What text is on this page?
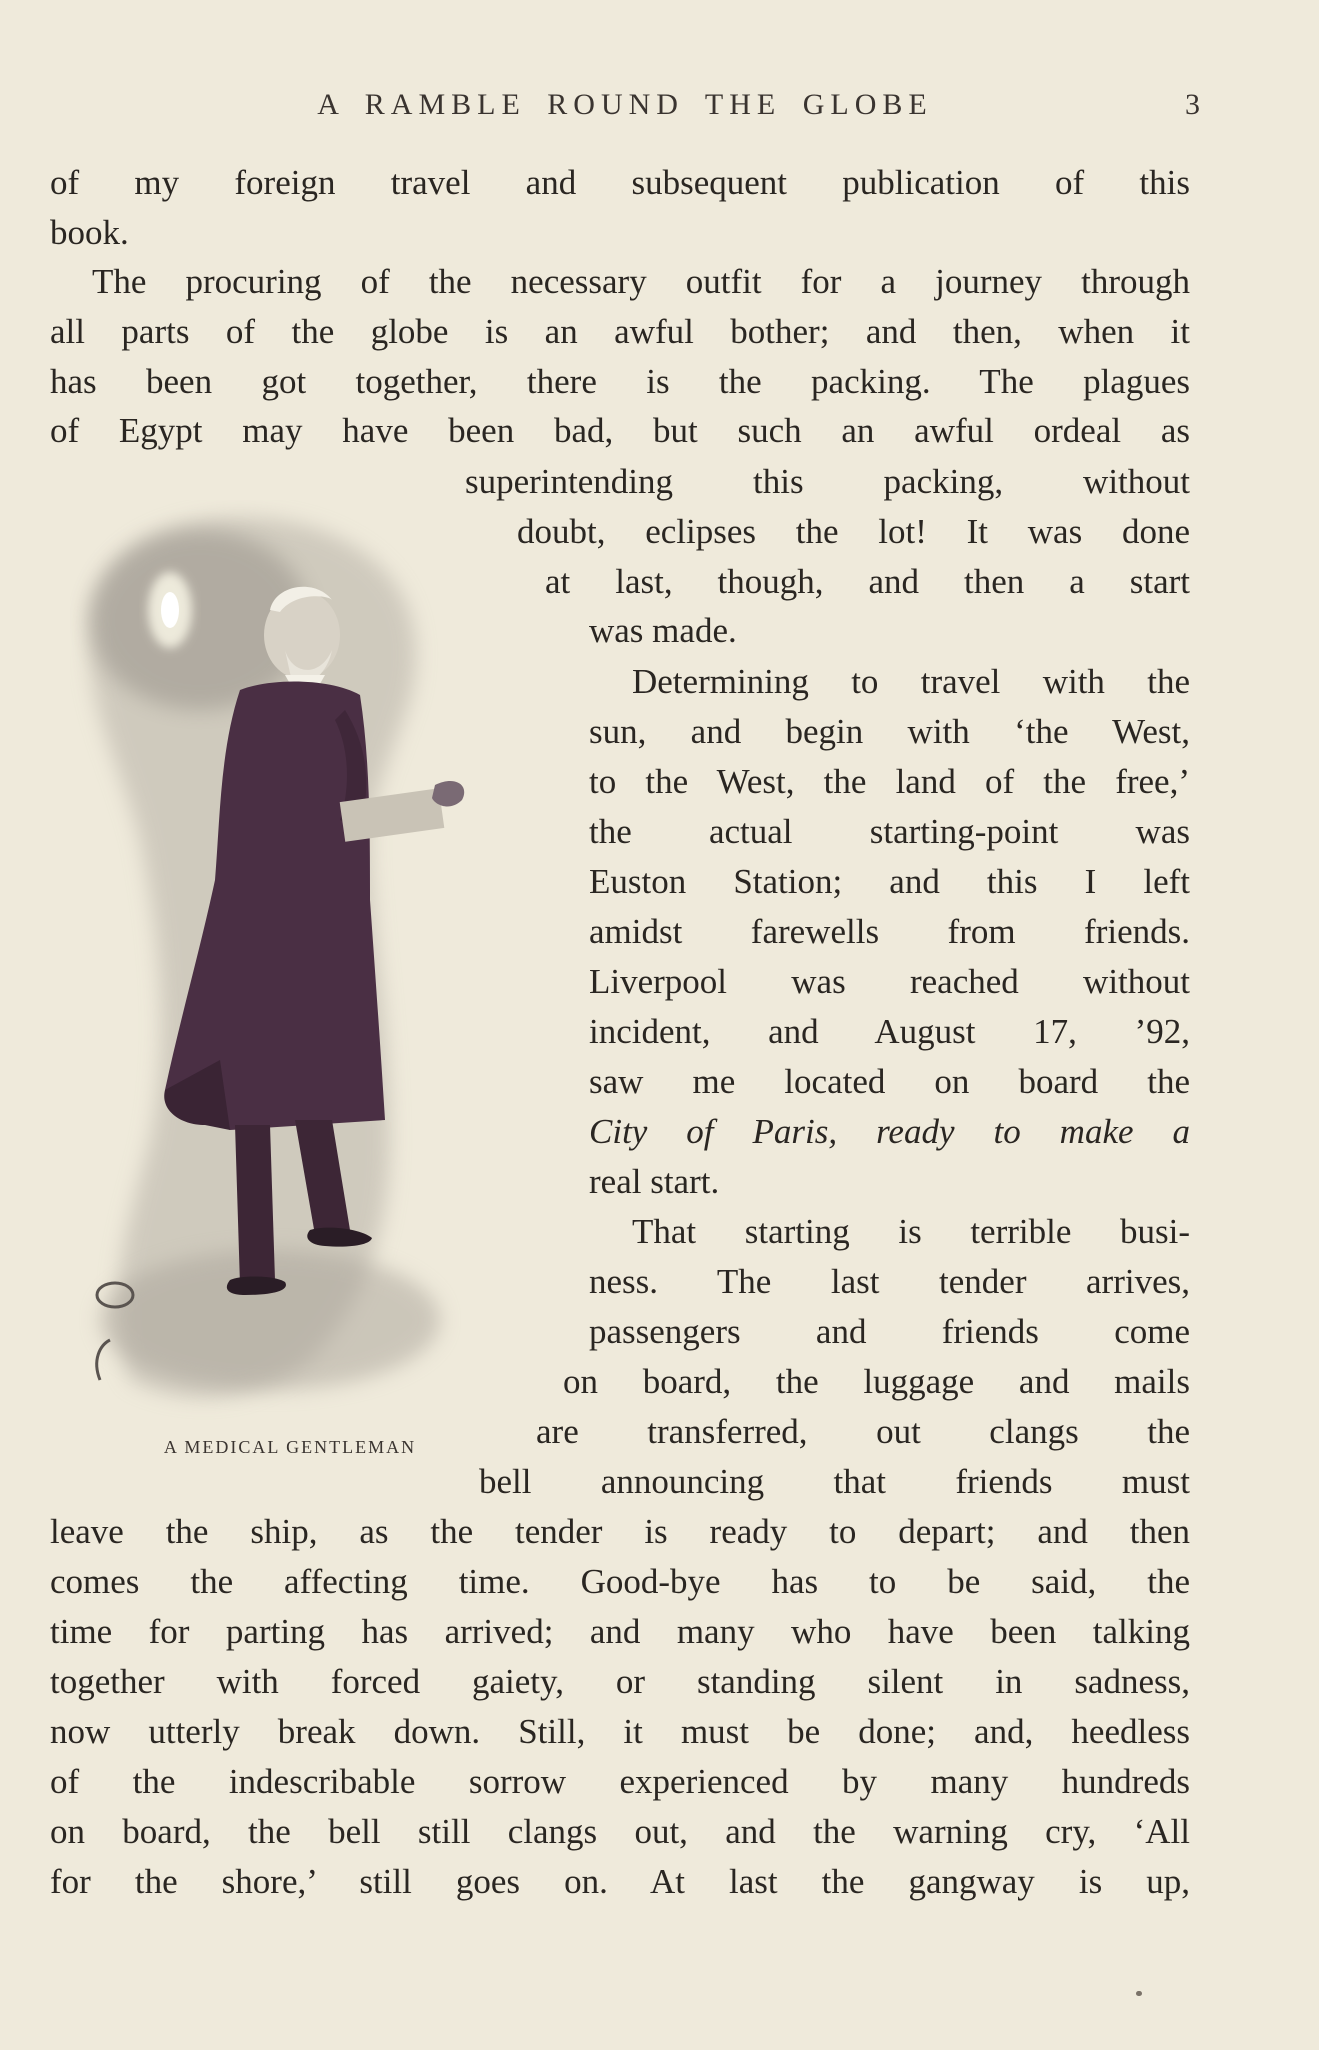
A RAMBLE ROUND THE GLOBE	3
of my foreign travel and subsequent publication of this
book.
The procuring of the necessary outfit for a journey through
all parts of the globe is an awful bother; and then, when it
has been got together, there is the packing. The plagues
of Egypt may have been bad, but such an awful ordeal as
superintending this packing, without
doubt, eclipses the lot! It was done
at last, though, and then a start
was made.
Determining to travel with the
sun, and begin with ‘the West,
to the West, the land of the free,’
the actual starting-point was
Euston Station; and this I left
amidst farewells from friends.
Liverpool was reached without
incident, and August 17, ’92,
saw me located on board the
City of Paris, ready to make a
real start.
That starting is terrible busi-
ness. The last tender arrives,
passengers and friends come
on board, the luggage and mails
are transferred, out clangs the
bell announcing that friends must
leave the ship, as the tender is ready to depart; and then
comes the affecting time. Good-bye has to be said, the
time for parting has arrived; and many who have been talking
together with forced gaiety, or standing silent in sadness,
now utterly break down. Still, it must be done; and, heedless
of the indescribable sorrow experienced by many hundreds
on board, the bell still clangs out, and the warning cry, ‘All
for the shore,’ still goes on. At last the gangway is up,
A MEDICAL GENTLEMAN
